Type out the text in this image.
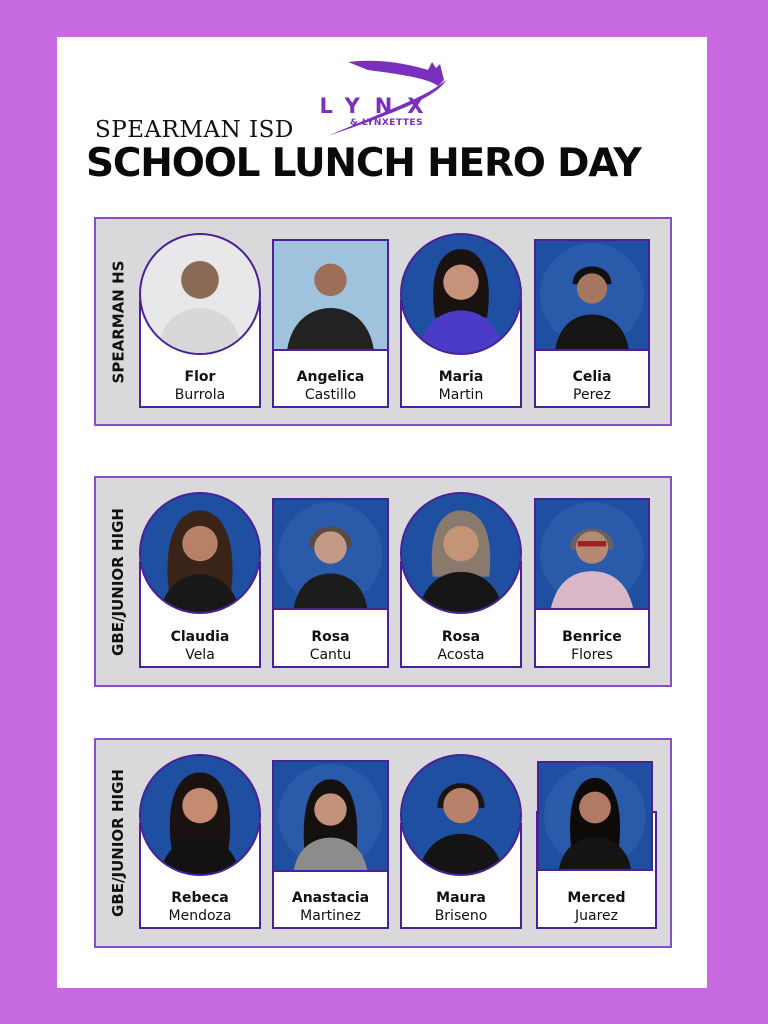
LYNX
& LYNXETTES
SPEARMAN ISD
SCHOOL LUNCH HERO DAY
SPEARMAN HS	Flor
Burrola
Angelica
Castillo
Maria
Martin
Celia
Perez
GBE/JUNIOR HIGH	Claudia
Vela
Rosa
Cantu
Rosa
Acosta
Benrice
Flores
GBE/JUNIOR HIGH	Rebeca
Mendoza
Anastacia
Martinez
Maura
Briseno
Merced
Juarez
